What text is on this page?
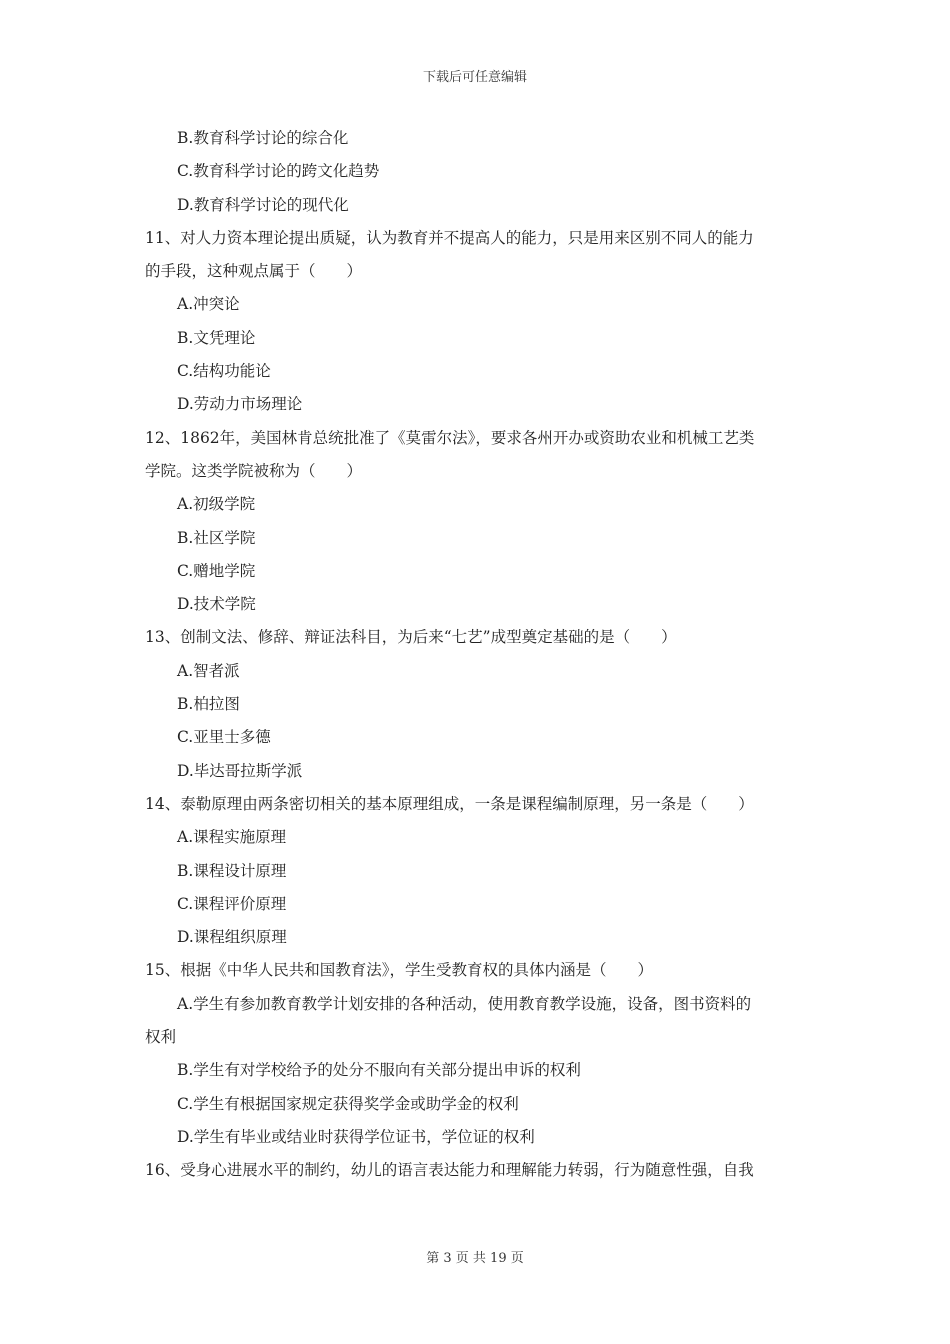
下载后可任意编辑
B.教育科学讨论的综合化
C.教育科学讨论的跨文化趋势
D.教育科学讨论的现代化
11、对人力资本理论提出质疑，认为教育并不提高人的能力，只是用来区别不同人的能力
的手段，这种观点属于（　　）
A.冲突论
B.文凭理论
C.结构功能论
D.劳动力市场理论
12、1862年，美国林肯总统批准了《莫雷尔法》，要求各州开办或资助农业和机械工艺类
学院。这类学院被称为（　　）
A.初级学院
B.社区学院
C.赠地学院
D.技术学院
13、创制文法、修辞、辩证法科目，为后来“七艺”成型奠定基础的是（　　）
A.智者派
B.柏拉图
C.亚里士多德
D.毕达哥拉斯学派
14、泰勒原理由两条密切相关的基本原理组成，一条是课程编制原理，另一条是（　　）
A.课程实施原理
B.课程设计原理
C.课程评价原理
D.课程组织原理
15、根据《中华人民共和国教育法》，学生受教育权的具体内涵是（　　）
A.学生有参加教育教学计划安排的各种活动，使用教育教学设施，设备，图书资料的
权利
B.学生有对学校给予的处分不服向有关部分提出申诉的权利
C.学生有根据国家规定获得奖学金或助学金的权利
D.学生有毕业或结业时获得学位证书，学位证的权利
16、受身心进展水平的制约，幼儿的语言表达能力和理解能力转弱，行为随意性强，自我
第 3 页 共 19 页
